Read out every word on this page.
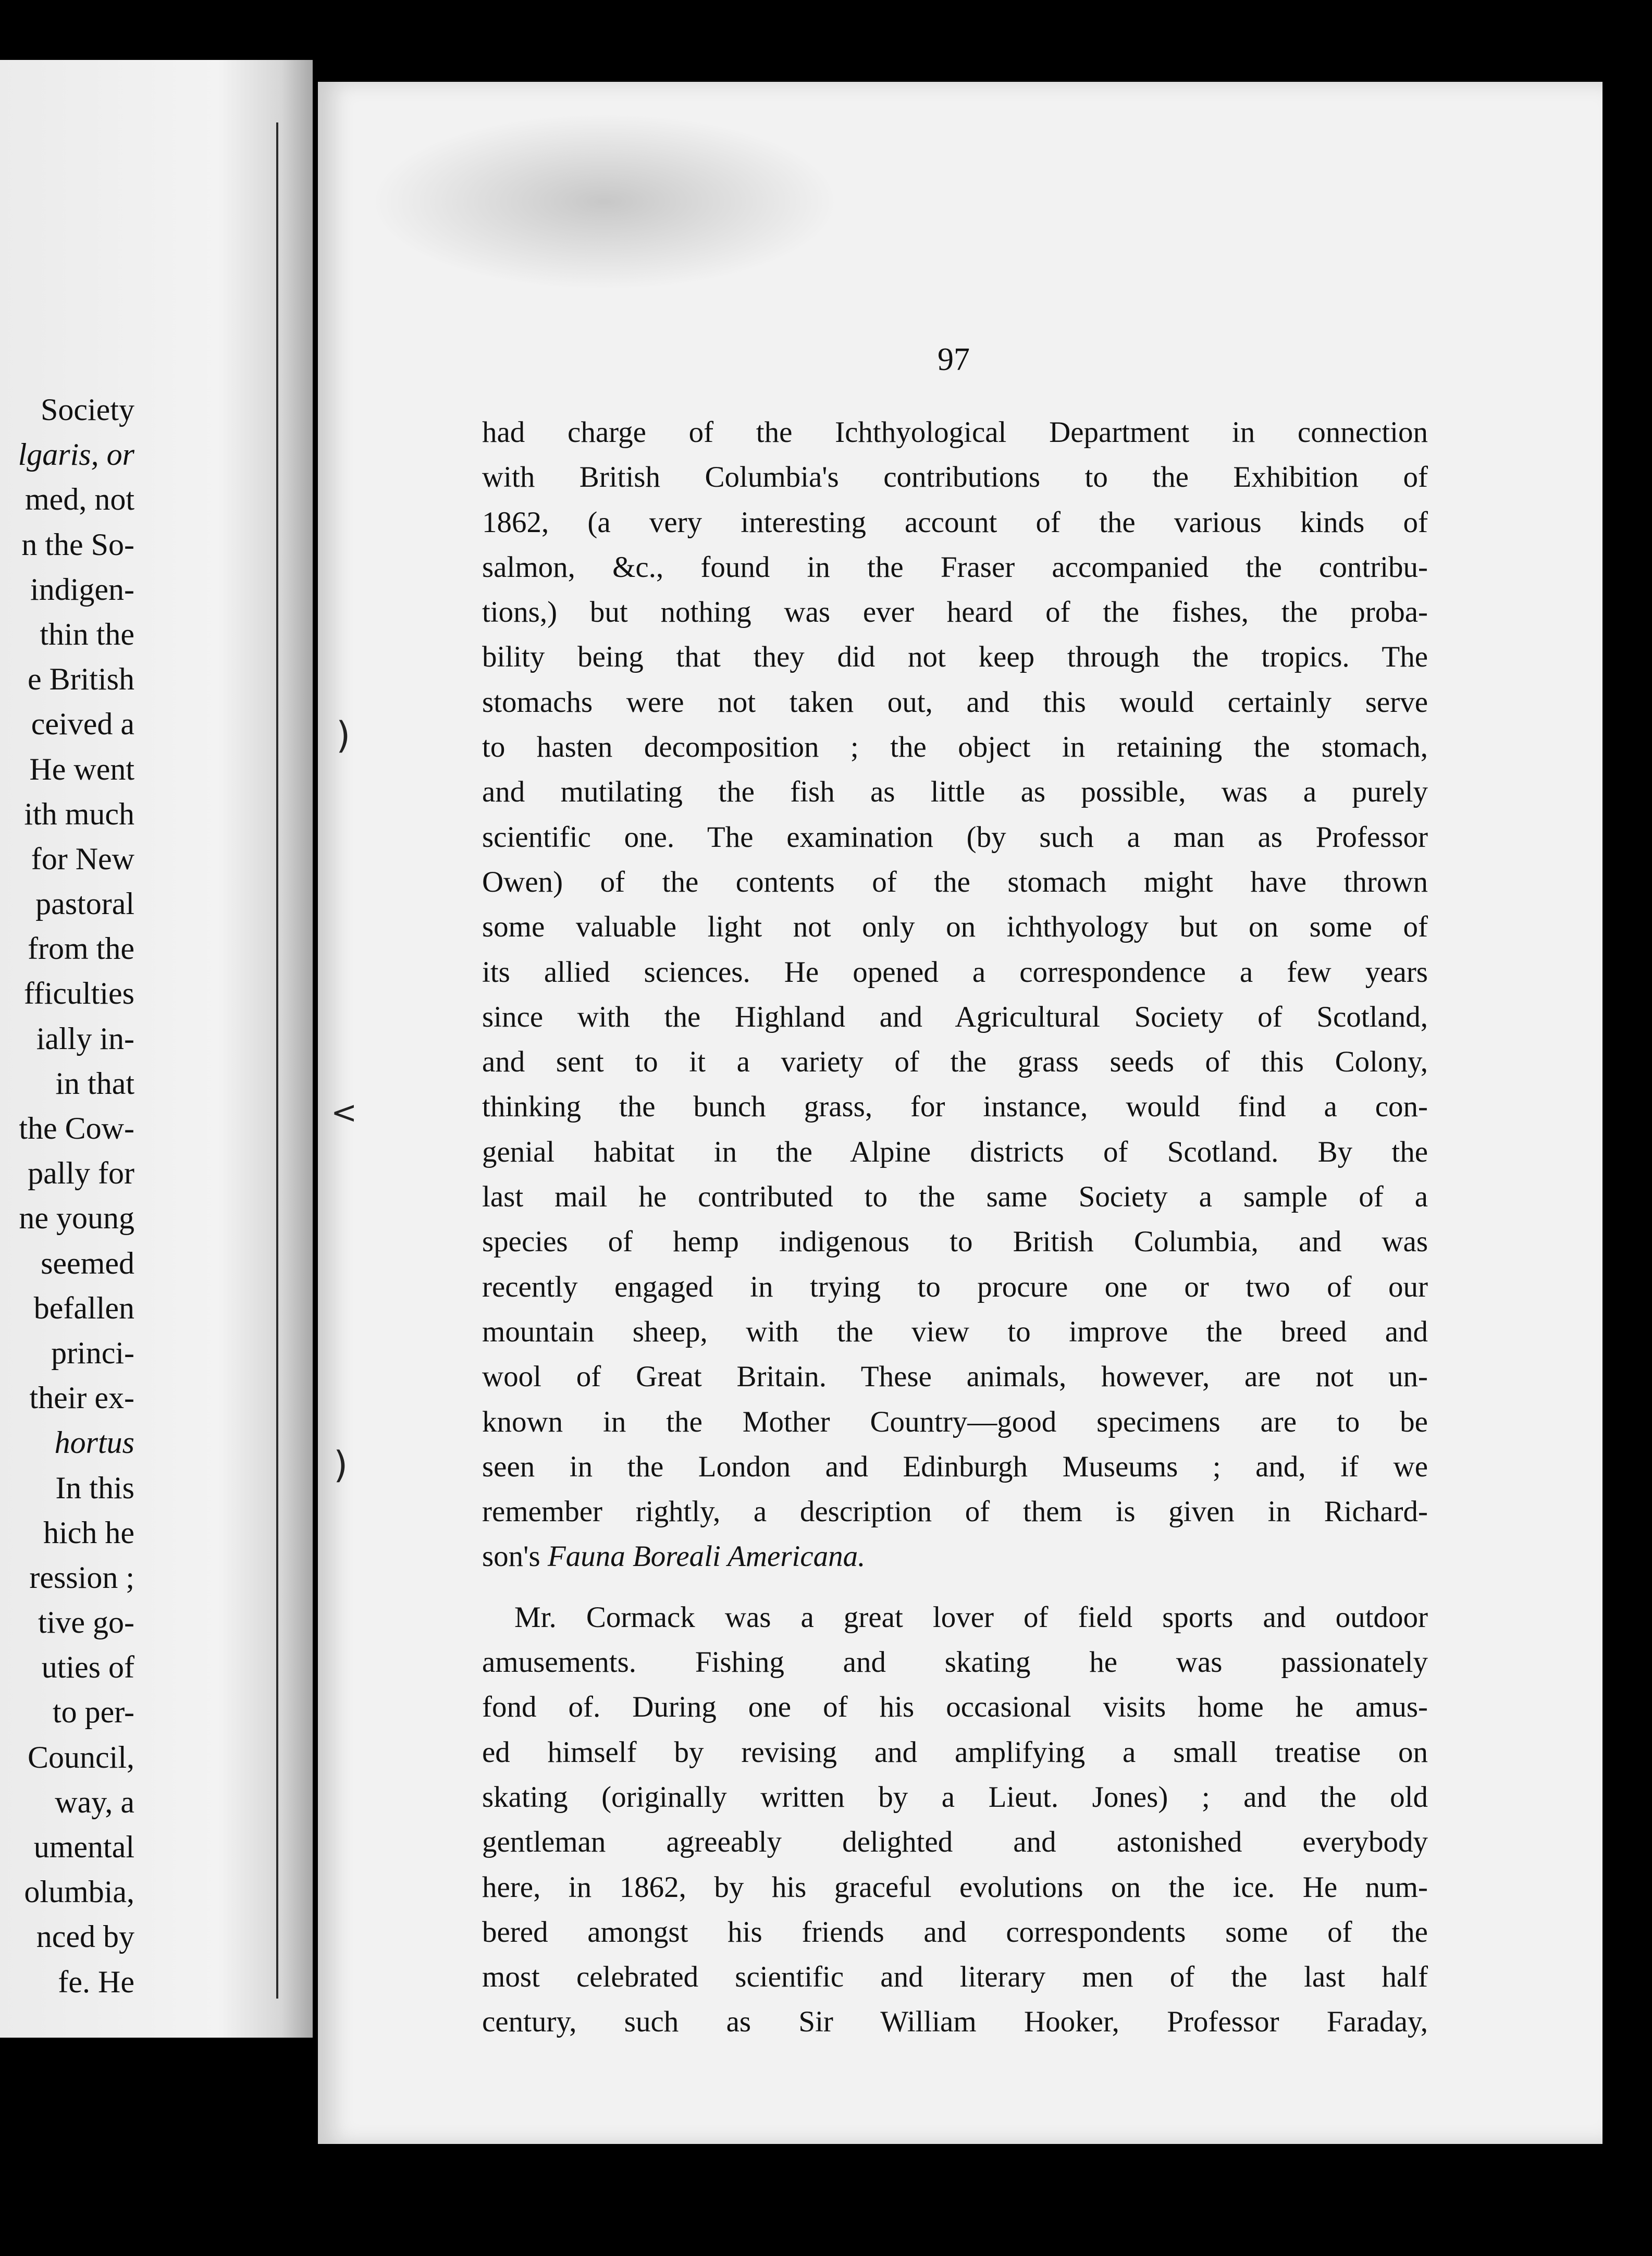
Society
lgaris, or
med, not
n the So-
indigen-
thin the
e British
ceived a
He went
ith much
for New
pastoral
from the
fficulties
ially in-
in that
the Cow-
pally for
ne young
seemed
befallen
princi-
their ex-
hortus
In this
hich he
ression ;
tive go-
uties of
to per-
Council,
way, a
umental
olumbia,
nced by
fe. He
97
had charge of the Ichthyological Department in connection
with British Columbia's contributions to the Exhibition of
1862, (a very interesting account of the various kinds of
salmon, &c., found in the Fraser accompanied the contribu-
tions,) but nothing was ever heard of the fishes, the proba-
bility being that they did not keep through the tropics. The
stomachs were not taken out, and this would certainly serve
to hasten decomposition ; the object in retaining the stomach,
and mutilating the fish as little as possible, was a purely
scientific one. The examination (by such a man as Professor
Owen) of the contents of the stomach might have thrown
some valuable light not only on ichthyology but on some of
its allied sciences. He opened a correspondence a few years
since with the Highland and Agricultural Society of Scotland,
and sent to it a variety of the grass seeds of this Colony,
thinking the bunch grass, for instance, would find a con-
genial habitat in the Alpine districts of Scotland. By the
last mail he contributed to the same Society a sample of a
species of hemp indigenous to British Columbia, and was
recently engaged in trying to procure one or two of our
mountain sheep, with the view to improve the breed and
wool of Great Britain. These animals, however, are not un-
known in the Mother Country—good specimens are to be
seen in the London and Edinburgh Museums ; and, if we
remember rightly, a description of them is given in Richard-
son's Fauna Boreali Americana.
Mr. Cormack was a great lover of field sports and outdoor
amusements. Fishing and skating he was passionately
fond of. During one of his occasional visits home he amus-
ed himself by revising and amplifying a small treatise on
skating (originally written by a Lieut. Jones) ; and the old
gentleman agreeably delighted and astonished everybody
here, in 1862, by his graceful evolutions on the ice. He num-
bered amongst his friends and correspondents some of the
most celebrated scientific and literary men of the last half
century, such as Sir William Hooker, Professor Faraday,
)
<
)
